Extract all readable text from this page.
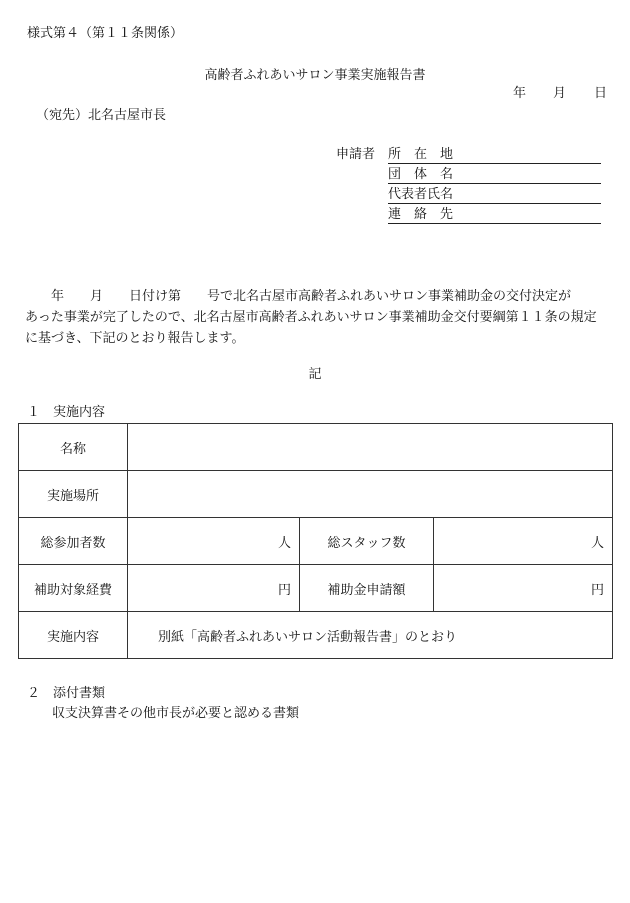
様式第４（第１１条関係）
高齢者ふれあいサロン事業実施報告書
年 月 日
（宛先）北名古屋市長
申請者 所　在　地
団　体　名
代表者氏名
連　絡　先
　　年　　月　　日付け第　　号で北名古屋市高齢者ふれあいサロン事業補助金の交付決定が
あった事業が完了したので、北名古屋市高齢者ふれあいサロン事業補助金交付要綱第１１条の規定
に基づき、下記のとおり報告します。
記
１　実施内容
名称			
実施場所			
総参加者数	人	総スタッフ数	人
補助対象経費	円	補助金申請額	円
実施内容	別紙「高齢者ふれあいサロン活動報告書」のとおり		
２　添付書類
収支決算書その他市長が必要と認める書類
